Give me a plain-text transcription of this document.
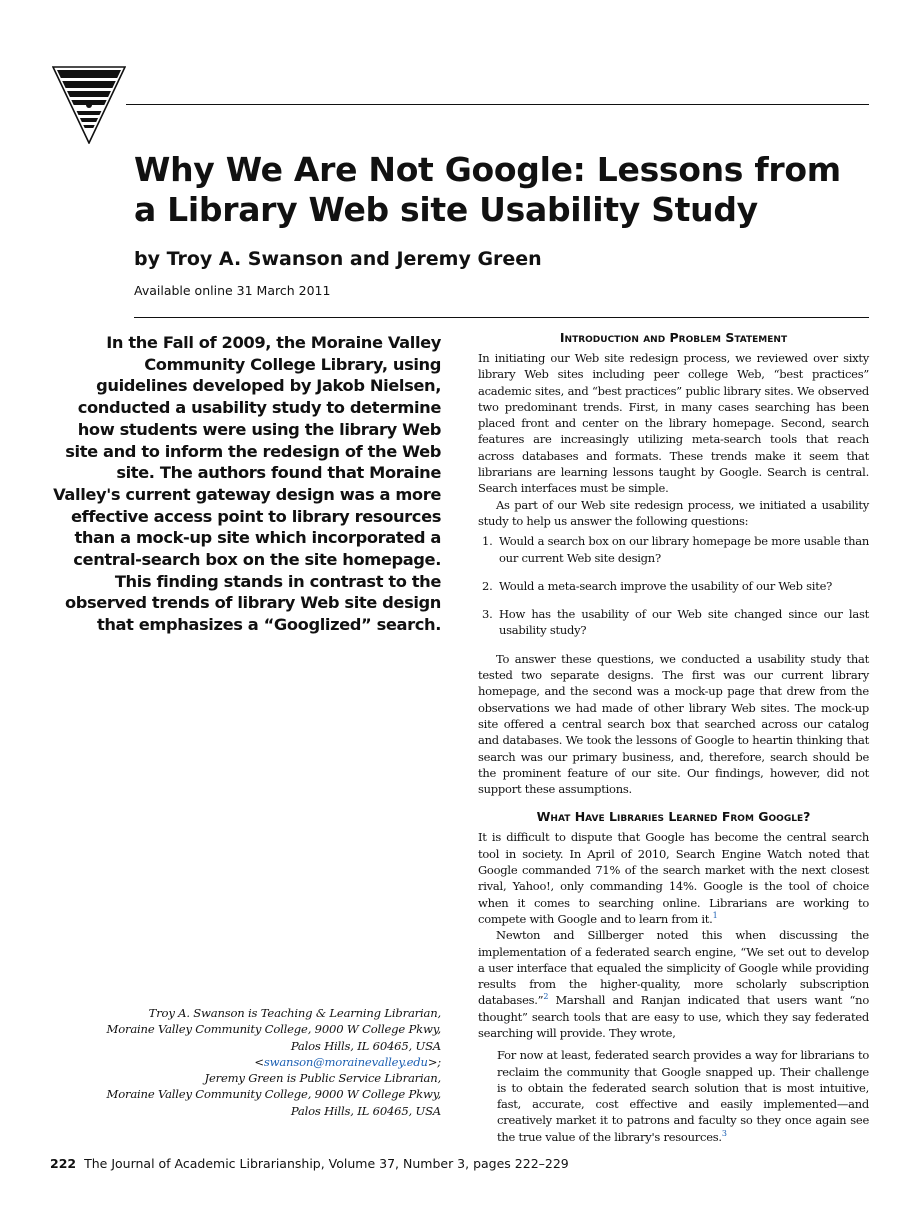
Why We Are Not Google: Lessons from a Library Web site Usability Study
by Troy A. Swanson and Jeremy Green
Available online 31 March 2011

In the Fall of 2009, the Moraine Valley Community College Library, using guidelines developed by Jakob Nielsen, conducted a usability study to determine how students were using the library Web site and to inform the redesign of the Web site. The authors found that Moraine Valley's current gateway design was a more effective access point to library resources than a mock-up site which incorporated a central-search box on the site homepage. This finding stands in contrast to the observed trends of library Web site design that emphasizes a “Googlized” search.

Troy A. Swanson is Teaching & Learning Librarian,
Moraine Valley Community College, 9000 W College Pkwy,
Palos Hills, IL 60465, USA
<swanson@morainevalley.edu>;
Jeremy Green is Public Service Librarian,
Moraine Valley Community College, 9000 W College Pkwy,
Palos Hills, IL 60465, USA
Introduction and Problem Statement

In initiating our Web site redesign process, we reviewed over sixty library Web sites including peer college Web, “best practices” academic sites, and “best practices” public library sites. We observed two predominant trends. First, in many cases searching has been placed front and center on the library homepage. Second, search features are increasingly utilizing meta-search tools that reach across databases and formats. These trends make it seem that librarians are learning lessons taught by Google. Search is central. Search interfaces must be simple.

As part of our Web site redesign process, we initiated a usability study to help us answer the following questions:

1. Would a search box on our library homepage be more usable than our current Web site design?
2. Would a meta-search improve the usability of our Web site?
3. How has the usability of our Web site changed since our last usability study?

To answer these questions, we conducted a usability study that tested two separate designs. The first was our current library homepage, and the second was a mock-up page that drew from the observations we had made of other library Web sites. The mock-up site offered a central search box that searched across our catalog and databases. We took the lessons of Google to heartin thinking that search was our primary business, and, therefore, search should be the prominent feature of our site. Our findings, however, did not support these assumptions.

What Have Libraries Learned From Google?

It is difficult to dispute that Google has become the central search tool in society. In April of 2010, Search Engine Watch noted that Google commanded 71% of the search market with the next closest rival, Yahoo!, only commanding 14%. Google is the tool of choice when it comes to searching online. Librarians are working to compete with Google and to learn from it.$^1$

Newton and Sillberger noted this when discussing the implementation of a federated search engine, “We set out to develop a user interface that equaled the simplicity of Google while providing results from the higher-quality, more scholarly subscription databases.”$^2$ Marshall and Ranjan indicated that users want “no thought” search tools that are easy to use, which they say federated searching will provide. They wrote,

For now at least, federated search provides a way for librarians to reclaim the community that Google snapped up. Their challenge is to obtain the federated search solution that is most intuitive, fast, accurate, cost effective and easily implemented—and creatively market it to patrons and faculty so they once again see the true value of the library's resources.$^3$

222 The Journal of Academic Librarianship, Volume 37, Number 3, pages 222–229
